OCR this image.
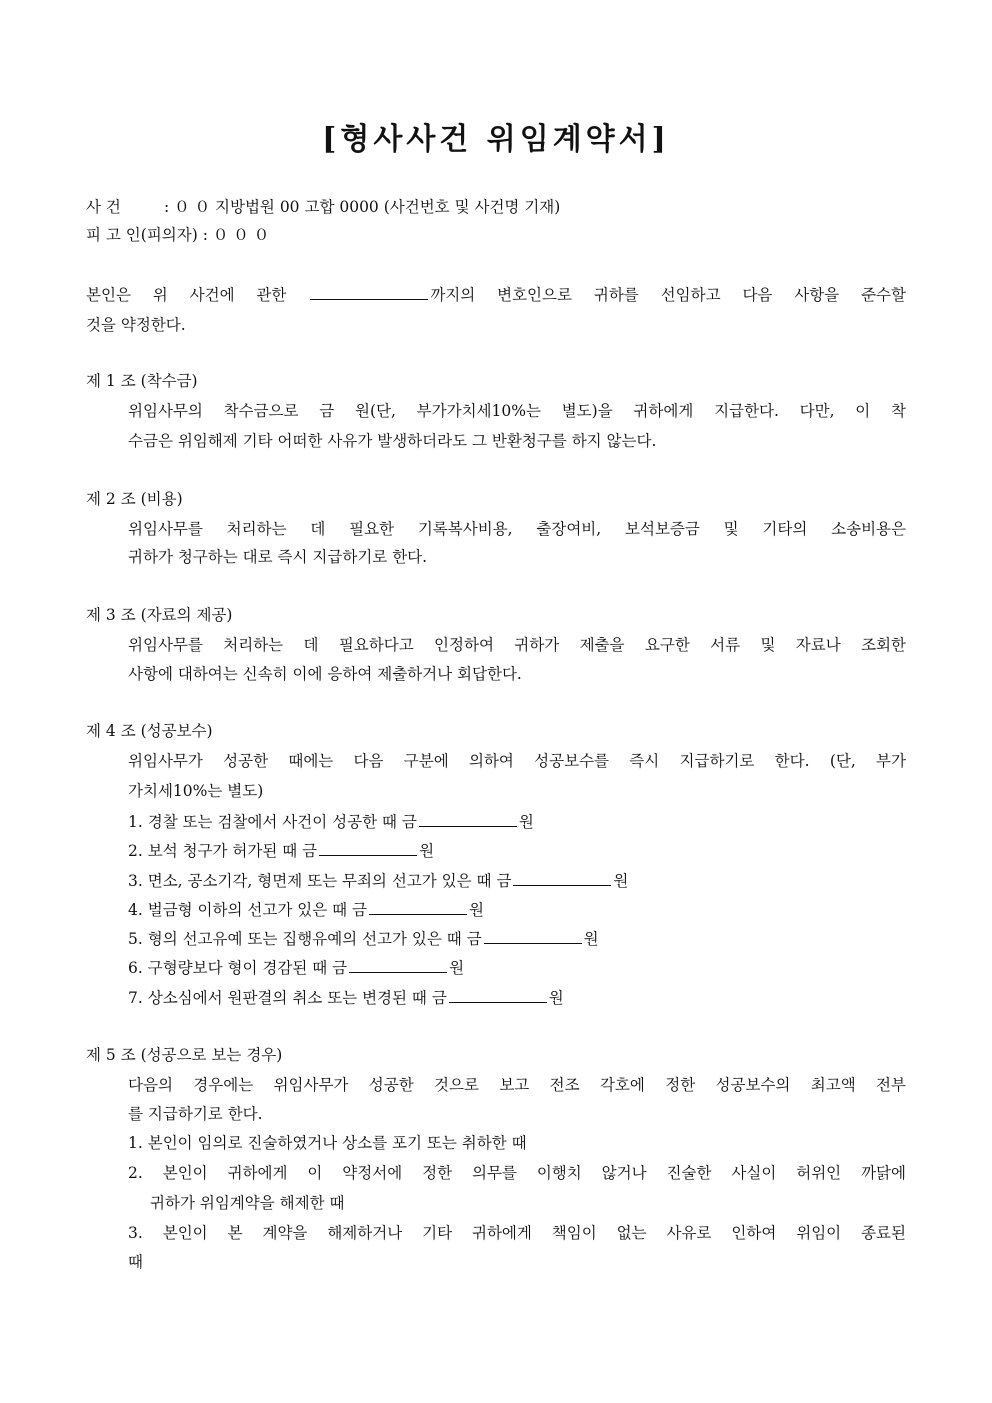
[형사사건 위임계약서]
사 건	: ０ ０ 지방법원 00 고합 0000 (사건번호 및 사건명 기재)
피 고 인(피의자) : ０ ０ ０
본인은 위 사건에 관한	까지의 변호인으로 귀하를 선임하고 다음 사항을 준수할
것을 약정한다.
제 1 조 (착수금)
위임사무의 착수금으로 금 원(단, 부가가치세10%는 별도)을 귀하에게 지급한다. 다만, 이 착
수금은 위임해제 기타 어떠한 사유가 발생하더라도 그 반환청구를 하지 않는다.
제 2 조 (비용)
위임사무를 처리하는 데 필요한 기록복사비용, 출장여비, 보석보증금 및 기타의 소송비용은
귀하가 청구하는 대로 즉시 지급하기로 한다.
제 3 조 (자료의 제공)
위임사무를 처리하는 데 필요하다고 인정하여 귀하가 제출을 요구한 서류 및 자료나 조회한
사항에 대하여는 신속히 이에 응하여 제출하거나 회답한다.
제 4 조 (성공보수)
위임사무가 성공한 때에는 다음 구분에 의하여 성공보수를 즉시 지급하기로 한다. (단, 부가
가치세10%는 별도)
1. 경찰 또는 검찰에서 사건이 성공한 때 금	원
2. 보석 청구가 허가된 때 금	원
3. 면소, 공소기각, 형면제 또는 무죄의 선고가 있은 때 금	원
4. 벌금형 이하의 선고가 있은 때 금	원
5. 형의 선고유예 또는 집행유예의 선고가 있은 때 금	원
6. 구형량보다 형이 경감된 때 금	원
7. 상소심에서 원판결의 취소 또는 변경된 때 금	원
제 5 조 (성공으로 보는 경우)
다음의 경우에는 위임사무가 성공한 것으로 보고 전조 각호에 정한 성공보수의 최고액 전부
를 지급하기로 한다.
1. 본인이 임의로 진술하였거나 상소를 포기 또는 취하한 때
2. 본인이 귀하에게 이 약정서에 정한 의무를 이행치 않거나 진술한 사실이 허위인 까닭에
귀하가 위임계약을 해제한 때
3. 본인이 본 계약을 해제하거나 기타 귀하에게 책임이 없는 사유로 인하여 위임이 종료된
때
